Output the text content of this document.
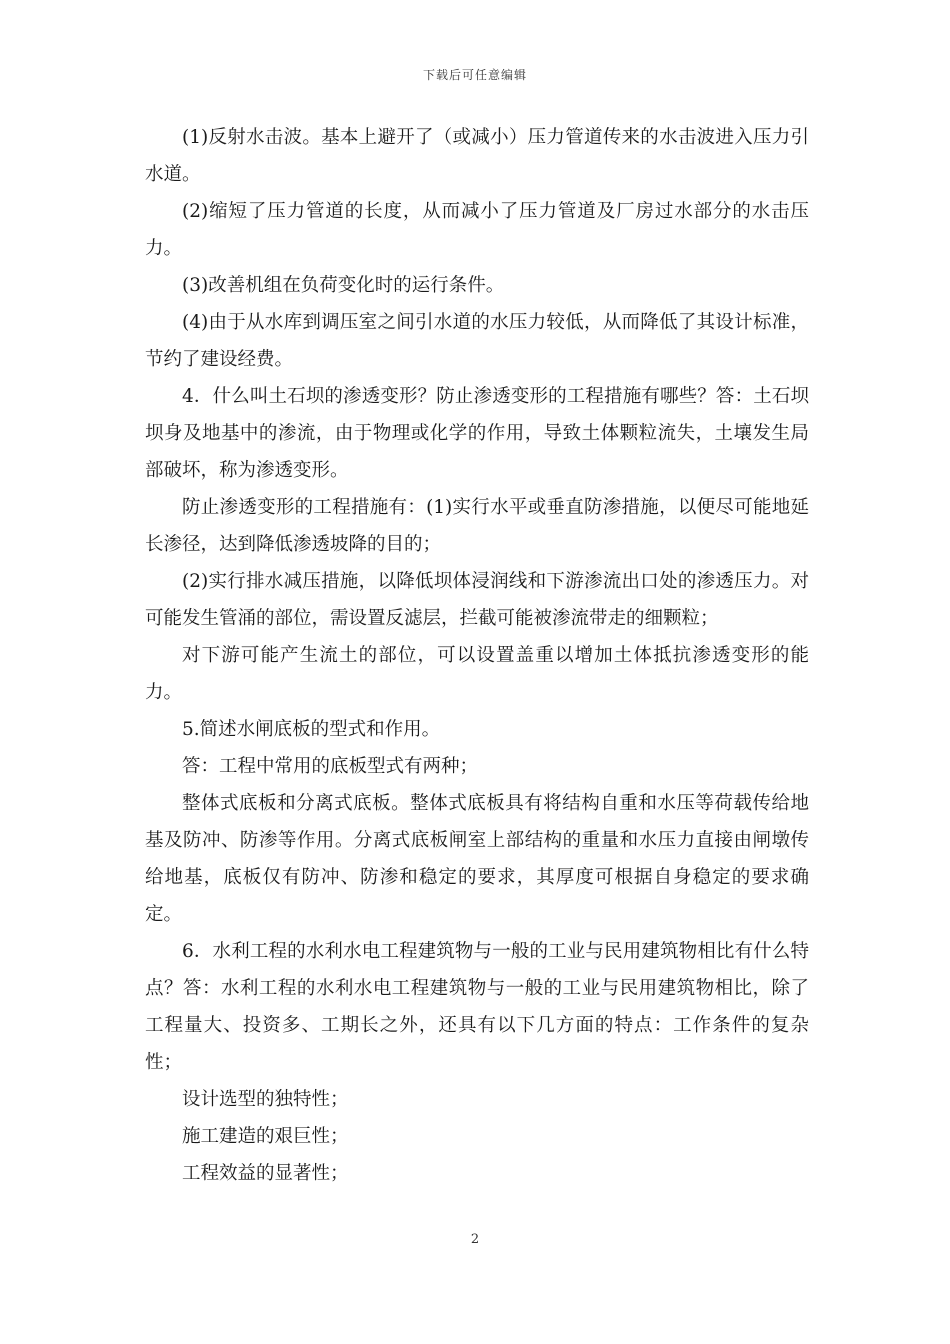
下载后可任意编辑

(1)反射水击波。基本上避开了（或减小）压力管道传来的水击波进入压力引水道。

(2)缩短了压力管道的长度，从而减小了压力管道及厂房过水部分的水击压力。

(3)改善机组在负荷变化时的运行条件。

(4)由于从水库到调压室之间引水道的水压力较低，从而降低了其设计标准，节约了建设经费。

4．什么叫土石坝的渗透变形？防止渗透变形的工程措施有哪些？答：土石坝坝身及地基中的渗流，由于物理或化学的作用，导致土体颗粒流失，土壤发生局部破坏，称为渗透变形。

防止渗透变形的工程措施有：(1)实行水平或垂直防渗措施，以便尽可能地延长渗径，达到降低渗透坡降的目的；

(2)实行排水减压措施，以降低坝体浸润线和下游渗流出口处的渗透压力。对可能发生管涌的部位，需设置反滤层，拦截可能被渗流带走的细颗粒；

对下游可能产生流土的部位，可以设置盖重以增加土体抵抗渗透变形的能力。

5.简述水闸底板的型式和作用。

答：工程中常用的底板型式有两种；

整体式底板和分离式底板。整体式底板具有将结构自重和水压等荷载传给地基及防冲、防渗等作用。分离式底板闸室上部结构的重量和水压力直接由闸墩传给地基，底板仅有防冲、防渗和稳定的要求，其厚度可根据自身稳定的要求确定。

6．水利工程的水利水电工程建筑物与一般的工业与民用建筑物相比有什么特点？答：水利工程的水利水电工程建筑物与一般的工业与民用建筑物相比，除了工程量大、投资多、工期长之外，还具有以下几方面的特点：工作条件的复杂性；

设计选型的独特性；

施工建造的艰巨性；

工程效益的显著性；

2
